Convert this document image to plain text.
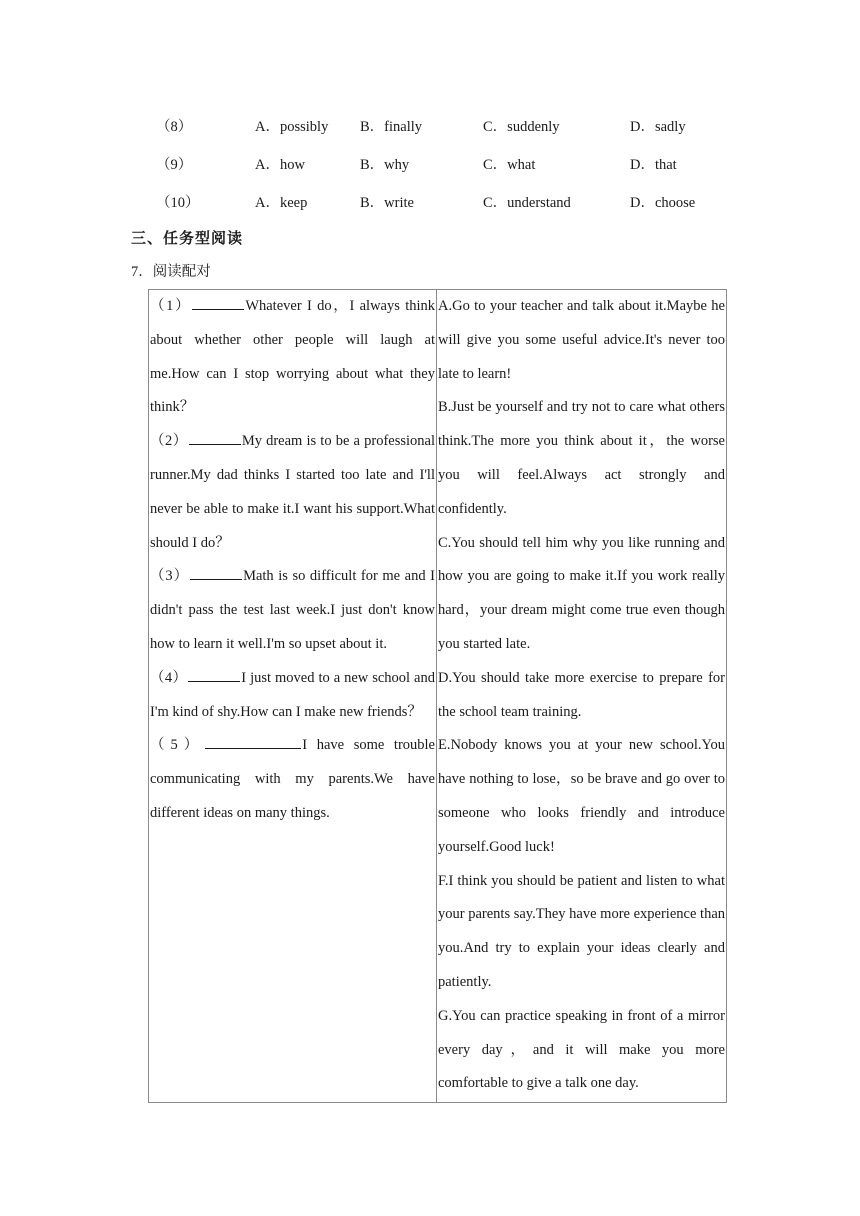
（8）	A．possibly B．finally	C．suddenly	D．sadly
（9）	A．how	B．why	C．what	D．that
（10）	A．keep	B．write	C．understand	D．choose
三、任务型阅读
7．阅读配对

（1）	Whatever I do，I always think about whether other people will laugh at me.How can I stop worrying about what they think？

（2）	My dream is to be a professional runner.My dad thinks I started too late and I'll never be able to make it.I want his support.What should I do？

（3）	Math is so difficult for me and I didn't pass the test last week.I just don't know how to learn it well.I'm so upset about it.

（4）	I just moved to a new school and I'm kind of shy.How can I make new friends？

（5）	I have some trouble communicating with my parents.We have different ideas on many things.

A.Go to your teacher and talk about it.Maybe he will give you some useful advice.It's never too late to learn!

B.Just be yourself and try not to care what others think.The more you think about it，the worse you will feel.Always act strongly and confidently.

C.You should tell him why you like running and how you are going to make it.If you work really hard，your dream might come true even though you started late.

D.You should take more exercise to prepare for the school team training.

E.Nobody knows you at your new school.You have nothing to lose，so be brave and go over to someone who looks friendly and introduce yourself.Good luck!

F.I think you should be patient and listen to what your parents say.They have more experience than you.And try to explain your ideas clearly and patiently.

G.You can practice speaking in front of a mirror every day，and it will make you more comfortable to give a talk one day.
